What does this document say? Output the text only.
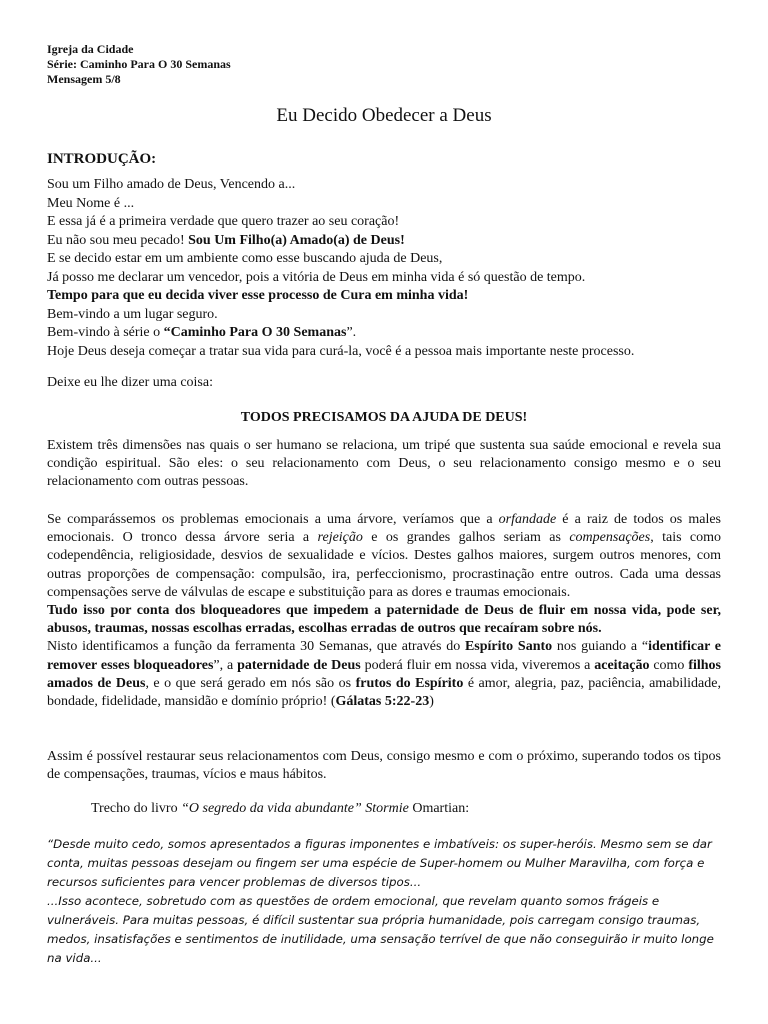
Igreja da Cidade
Série: Caminho Para O 30 Semanas
Mensagem 5/8
Eu Decido Obedecer a Deus
INTRODUÇÃO:
Sou um Filho amado de Deus, Vencendo a...
Meu Nome é ...
E essa já é a primeira verdade que quero trazer ao seu coração!
Eu não sou meu pecado! Sou Um Filho(a) Amado(a) de Deus!
E se decido estar em um ambiente como esse buscando ajuda de Deus,
Já posso me declarar um vencedor, pois a vitória de Deus em minha vida é só questão de tempo.
Tempo para que eu decida viver esse processo de Cura em minha vida!
Bem-vindo a um lugar seguro.
Bem-vindo à série o “Caminho Para O 30 Semanas”.
Hoje Deus deseja começar a tratar sua vida para curá-la, você é a pessoa mais importante neste processo.
Deixe eu lhe dizer uma coisa:
TODOS PRECISAMOS DA AJUDA DE DEUS!
Existem três dimensões nas quais o ser humano se relaciona, um tripé que sustenta sua saúde emocional e revela sua condição espiritual. São eles: o seu relacionamento com Deus, o seu relacionamento consigo mesmo e o seu relacionamento com outras pessoas.
Se comparássemos os problemas emocionais a uma árvore, veríamos que a orfandade é a raiz de todos os males emocionais. O tronco dessa árvore seria a rejeição e os grandes galhos seriam as compensações, tais como codependência, religiosidade, desvios de sexualidade e vícios. Destes galhos maiores, surgem outros menores, com outras proporções de compensação: compulsão, ira, perfeccionismo, procrastinação entre outros. Cada uma dessas compensações serve de válvulas de escape e substituição para as dores e traumas emocionais.
Tudo isso por conta dos bloqueadores que impedem a paternidade de Deus de fluir em nossa vida, pode ser, abusos, traumas, nossas escolhas erradas, escolhas erradas de outros que recaíram sobre nós.
Nisto identificamos a função da ferramenta 30 Semanas, que através do Espírito Santo nos guiando a “identificar e remover esses bloqueadores”, a paternidade de Deus poderá fluir em nossa vida, viveremos a aceitação como filhos amados de Deus, e o que será gerado em nós são os frutos do Espírito é amor, alegria, paz, paciência, amabilidade, bondade, fidelidade, mansidão e domínio próprio! (Gálatas 5:22-23)
Assim é possível restaurar seus relacionamentos com Deus, consigo mesmo e com o próximo, superando todos os tipos de compensações, traumas, vícios e maus hábitos.
Trecho do livro “O segredo da vida abundante” Stormie Omartian:
“Desde muito cedo, somos apresentados a figuras imponentes e imbatíveis: os super-heróis. Mesmo sem se dar conta, muitas pessoas desejam ou fingem ser uma espécie de Super-homem ou Mulher Maravilha, com força e recursos suficientes para vencer problemas de diversos tipos...
...Isso acontece, sobretudo com as questões de ordem emocional, que revelam quanto somos frágeis e vulneráveis. Para muitas pessoas, é difícil sustentar sua própria humanidade, pois carregam consigo traumas, medos, insatisfações e sentimentos de inutilidade, uma sensação terrível de que não conseguirão ir muito longe na vida...
